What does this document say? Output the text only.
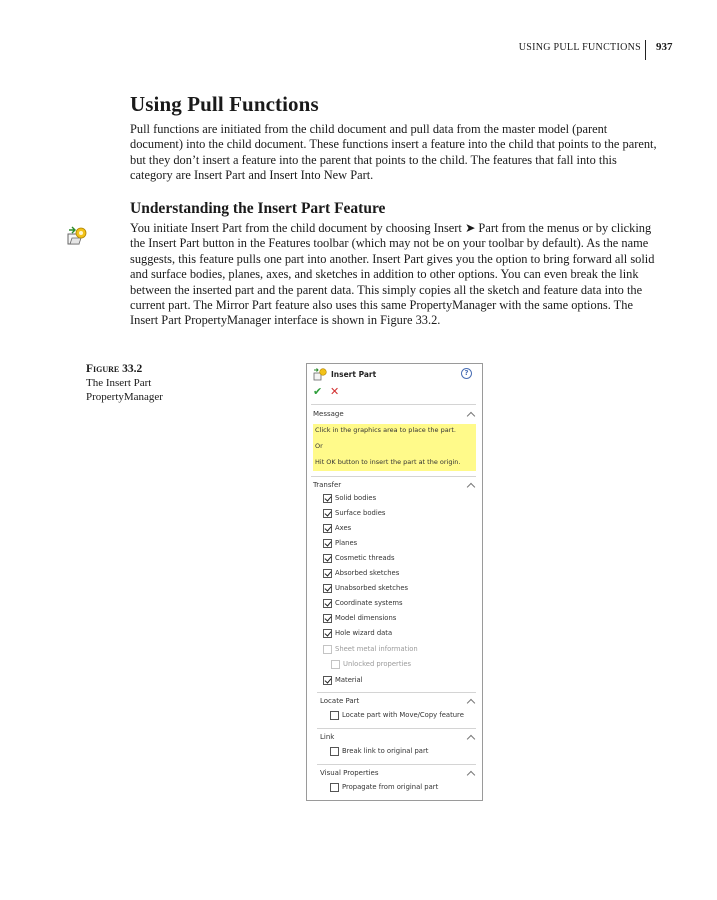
USING PULL FUNCTIONS 937
Using Pull Functions

Pull functions are initiated from the child document and pull data from the master model (parent document) into the child document. These functions insert a feature into the child that points to the parent, but they don’t insert a feature into the parent that points to the child. The features that fall into this category are Insert Part and Insert Into New Part.

Understanding the Insert Part Feature

You initiate Insert Part from the child document by choosing Insert ➤ Part from the menus or by clicking the Insert Part button in the Features toolbar (which may not be on your toolbar by default). As the name suggests, this feature pulls one part into another. Insert Part gives you the option to bring forward all solid and surface bodies, planes, axes, and sketches in addition to other options. You can even break the link between the inserted part and the parent data. This simply copies all the sketch and feature data into the current part. The Mirror Part feature also uses this same PropertyManager with the same options. The Insert Part PropertyManager interface is shown in Figure 33.2.

Figure 33.2
The Insert Part PropertyManager
Insert Part	?
✔ ✕
Message
Click in the graphics area to place the part.
Or
Hit OK button to insert the part at the origin.
Transfer
Solid bodies
Surface bodies
Axes
Planes
Cosmetic threads
Absorbed sketches
Unabsorbed sketches
Coordinate systems
Model dimensions
Hole wizard data
Sheet metal information
Unlocked properties
Material
Locate Part
Locate part with Move/Copy feature
Link
Break link to original part
Visual Properties
Propagate from original part
